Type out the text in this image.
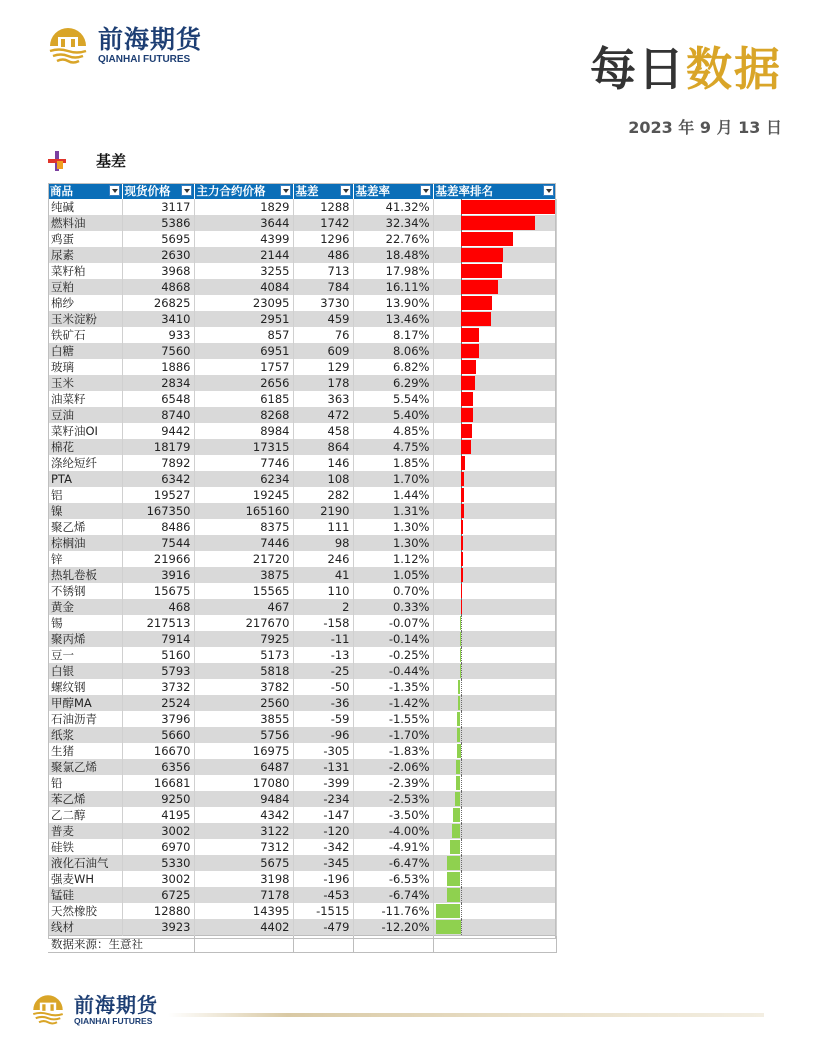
前海期货
QIANHAI FUTURES	每日数据
2023 年 9 月 13 日
基差
商品	现货价格	主力合约价格	基差	基差率	基差率排名

纯碱	3117	1829	1288	41.32%	

燃料油	5386	3644	1742	32.34%	

鸡蛋	5695	4399	1296	22.76%	

尿素	2630	2144	486	18.48%	

菜籽粕	3968	3255	713	17.98%	

豆粕	4868	4084	784	16.11%	

棉纱	26825	23095	3730	13.90%	

玉米淀粉	3410	2951	459	13.46%	

铁矿石	933	857	76	8.17%	

白糖	7560	6951	609	8.06%	

玻璃	1886	1757	129	6.82%	

玉米	2834	2656	178	6.29%	

油菜籽	6548	6185	363	5.54%	

豆油	8740	8268	472	5.40%	

菜籽油OI	9442	8984	458	4.85%	

棉花	18179	17315	864	4.75%	

涤纶短纤	7892	7746	146	1.85%	

PTA	6342	6234	108	1.70%	

铝	19527	19245	282	1.44%	

镍	167350	165160	2190	1.31%	

聚乙烯	8486	8375	111	1.30%	

棕榈油	7544	7446	98	1.30%	

锌	21966	21720	246	1.12%	

热轧卷板	3916	3875	41	1.05%	

不锈钢	15675	15565	110	0.70%	

黄金	468	467	2	0.33%	

锡	217513	217670	-158	-0.07%	

聚丙烯	7914	7925	-11	-0.14%	

豆一	5160	5173	-13	-0.25%	

白银	5793	5818	-25	-0.44%	

螺纹钢	3732	3782	-50	-1.35%	

甲醇MA	2524	2560	-36	-1.42%	

石油沥青	3796	3855	-59	-1.55%	

纸浆	5660	5756	-96	-1.70%	

生猪	16670	16975	-305	-1.83%	

聚氯乙烯	6356	6487	-131	-2.06%	

铅	16681	17080	-399	-2.39%	

苯乙烯	9250	9484	-234	-2.53%	

乙二醇	4195	4342	-147	-3.50%	

普麦	3002	3122	-120	-4.00%	

硅铁	6970	7312	-342	-4.91%	

液化石油气	5330	5675	-345	-6.47%	

强麦WH	3002	3198	-196	-6.53%	

锰硅	6725	7178	-453	-6.74%	

天然橡胶	12880	14395	-1515	-11.76%	

线材	3923	4402	-479	-12.20%	

数据来源：生意社					
前海期货
QIANHAI FUTURES
